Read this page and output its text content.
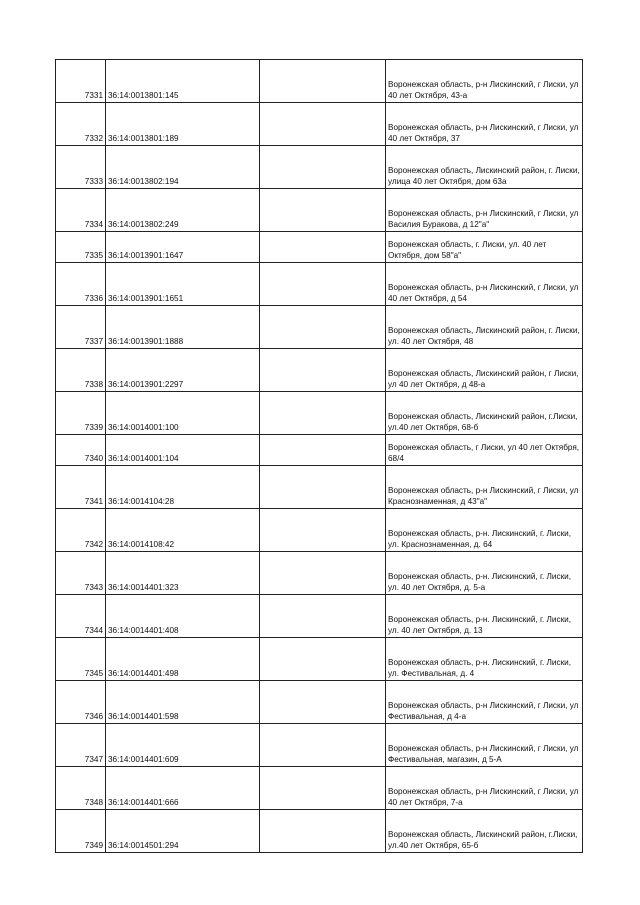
7331	36:14:0013801:145		Воронежская область, р-н Лискинский, г Лиски, ул 40 лет Октября, 43-а
7332	36:14:0013801:189		Воронежская область, р-н Лискинский, г Лиски, ул 40 лет Октября, 37
7333	36:14:0013802:194		Воронежская область, Лискинский район, г. Лиски, улица 40 лет Октября, дом 63а
7334	36:14:0013802:249		Воронежская область, р-н Лискинский, г Лиски, ул Василия Буракова, д 12"а"
7335	36:14:0013901:1647		Воронежская область, г. Лиски, ул. 40 лет Октября, дом 58"а"
7336	36:14:0013901:1651		Воронежская область, р-н Лискинский, г Лиски, ул 40 лет Октября, д 54
7337	36:14:0013901:1888		Воронежская область, Лискинский район, г. Лиски, ул. 40 лет Октября, 48
7338	36:14:0013901:2297		Воронежская область, Лискинский район, г Лиски, ул 40 лет Октября, д 48-а
7339	36:14:0014001:100		Воронежская область, Лискинский район, г.Лиски, ул.40 лет Октября, 68-б
7340	36:14:0014001:104		Воронежская область, г Лиски, ул 40 лет Октября, 68/4
7341	36:14:0014104:28		Воронежская область, р-н Лискинский, г Лиски, ул Краснознаменная, д 43"а"
7342	36:14:0014108:42		Воронежская область, р-н. Лискинский, г. Лиски, ул. Краснознаменная, д. 64
7343	36:14:0014401:323		Воронежская область, р-н. Лискинский, г. Лиски, ул. 40 лет Октября, д. 5-а
7344	36:14:0014401:408		Воронежская область, р-н. Лискинский, г. Лиски, ул. 40 лет Октября, д. 13
7345	36:14:0014401:498		Воронежская область, р-н. Лискинский, г. Лиски, ул. Фестивальная, д. 4
7346	36:14:0014401:598		Воронежская область, р-н Лискинский, г Лиски, ул Фестивальная, д 4-а
7347	36:14:0014401:609		Воронежская область, р-н Лискинский, г Лиски, ул Фестивальная, магазин, д 5-А
7348	36:14:0014401:666		Воронежская область, р-н Лискинский, г Лиски, ул 40 лет Октября, 7-а
7349	36:14:0014501:294		Воронежская область, Лискинский район, г.Лиски, ул.40 лет Октября, 65-б
